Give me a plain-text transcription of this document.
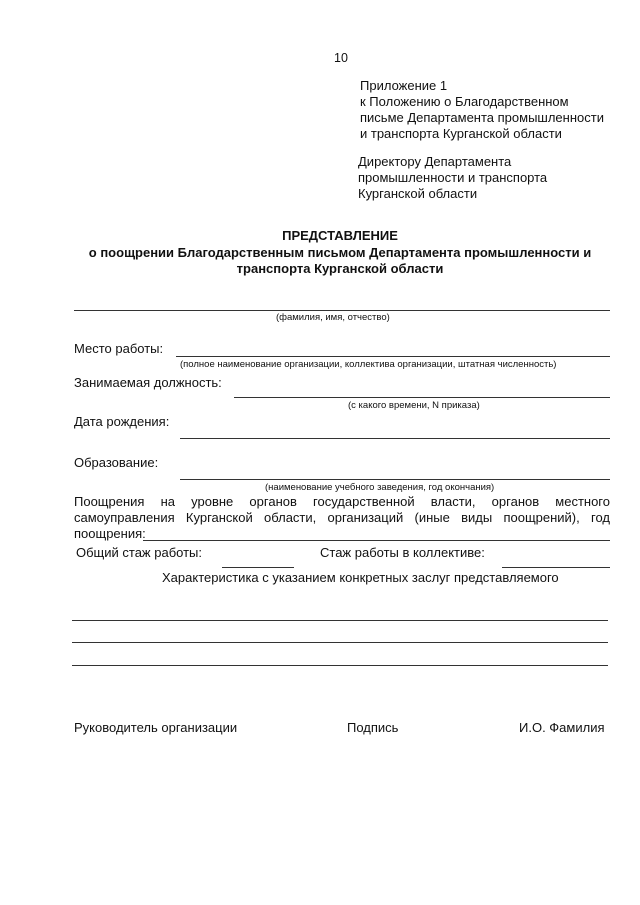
10
Приложение 1
к Положению о Благодарственном
письме Департамента промышленности
и транспорта Курганской области
Директору Департамента
промышленности и транспорта
Курганской области
ПРЕДСТАВЛЕНИЕ
о поощрении Благодарственным письмом Департамента промышленности и
транспорта Курганской области
(фамилия, имя, отчество)
Место работы:
(полное наименование организации, коллектива организации, штатная численность)
Занимаемая должность:
(с какого времени, N приказа)
Дата рождения:
Образование:
(наименование учебного заведения, год окончания)
Поощрения на уровне органов государственной власти, органов местного
самоуправления Курганской области, организаций (иные виды поощрений), год
поощрения:
Общий стаж работы:	Стаж работы в коллективе:
Характеристика с указанием конкретных заслуг представляемого
Руководитель организации	Подпись	И.О. Фамилия
